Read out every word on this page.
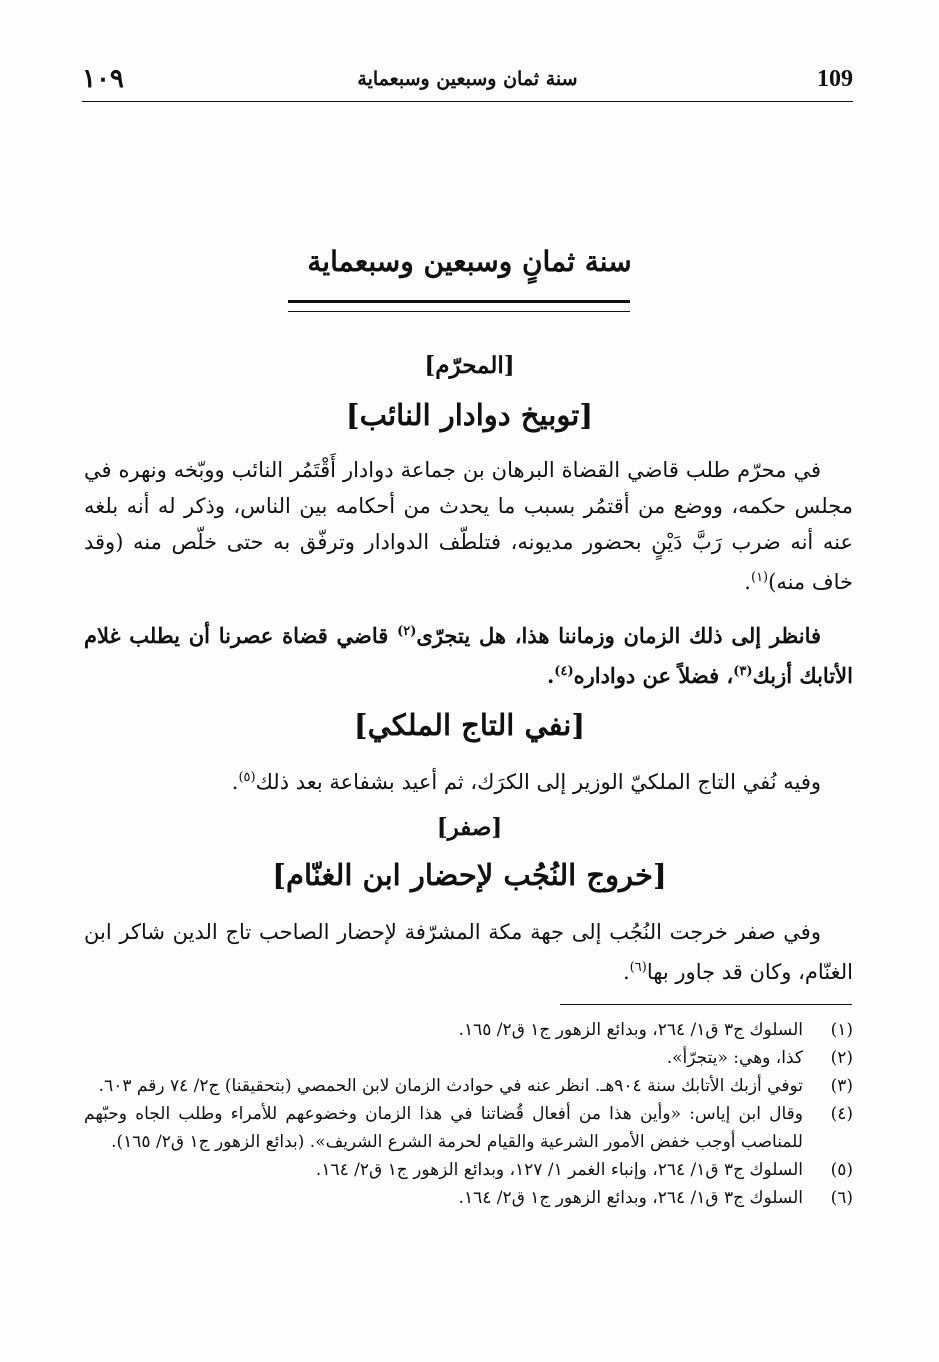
109
سنة ثمان وسبعين وسبعماية
١٠٩
سنة ثمانٍ وسبعين وسبعماية
[المحرّم]
[توبيخ دوادار النائب]
في محرّم طلب قاضي القضاة البرهان بن جماعة دوادار أَقْتَمُر النائب ووبّخه ونهره في مجلس حكمه، ووضع من أقتمُر بسبب ما يحدث من أحكامه بين الناس، وذكر له أنه بلغه عنه أنه ضرب رَبَّ دَيْنٍ بحضور مديونه، فتلطّف الدوادار وترفّق به حتى خلّص منه (وقد خاف منه)$^{(١)}$.
فانظر إلى ذلك الزمان وزماننا هذا، هل يتجرّى$^{(٢)}$ قاضي قضاة عصرنا أن يطلب غلام الأتابك أزبك$^{(٣)}$، فضلاً عن دواداره$^{(٤)}$.
[نفي التاج الملكي]
وفيه نُفي التاج الملكيّ الوزير إلى الكرَك، ثم أعيد بشفاعة بعد ذلك$^{(٥)}$.
[صفر]
[خروج النُجُب لإحضار ابن الغنّام]
وفي صفر خرجت النُجُب إلى جهة مكة المشرّفة لإحضار الصاحب تاج الدين شاكر ابن الغنّام، وكان قد جاور بها$^{(٦)}$.
(١)
السلوك ج٣ ق١/ ٢٦٤، وبدائع الزهور ج١ ق٢/ ١٦٥.
(٢)
كذا، وهي: «يتجرّأ».
(٣)
توفي أزبك الأتابك سنة ٩٠٤هـ. انظر عنه في حوادث الزمان لابن الحمصي (بتحقيقنا) ج٢/ ٧٤ رقم ٦٠٣.
(٤)
وقال ابن إياس: «وأين هذا من أفعال قُضاتنا في هذا الزمان وخضوعهم للأمراء وطلب الجاه وحبّهم للمناصب أوجب خفض الأمور الشرعية والقيام لحرمة الشرع الشريف». (بدائع الزهور ج١ ق٢/ ١٦٥).
(٥)
السلوك ج٣ ق١/ ٢٦٤، وإنباء الغمر ١/ ١٢٧، وبدائع الزهور ج١ ق٢/ ١٦٤.
(٦)
السلوك ج٣ ق١/ ٢٦٤، وبدائع الزهور ج١ ق٢/ ١٦٤.
